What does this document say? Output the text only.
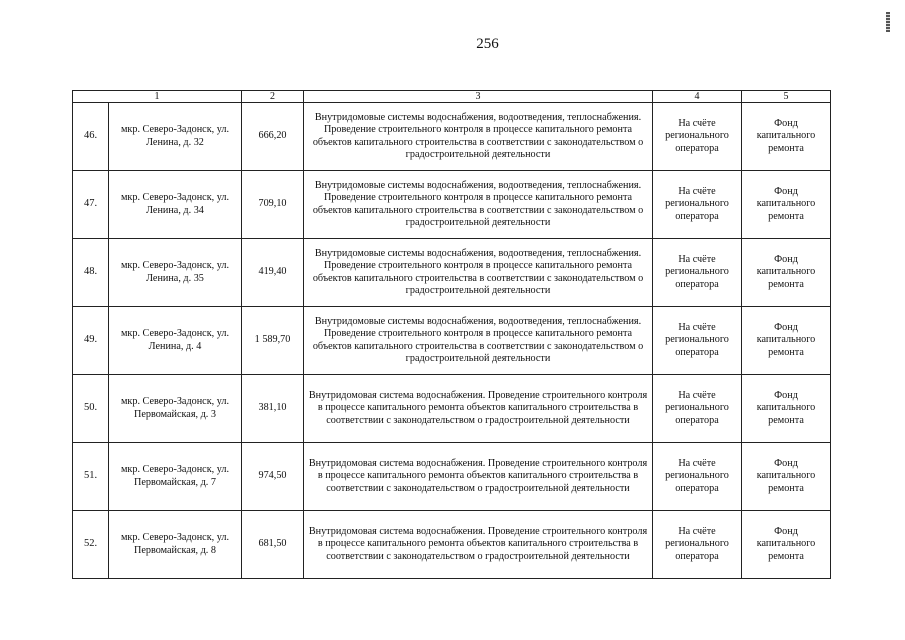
256
1		2	3	4	5
46.	мкр. Северо-Задонск, ул. Ленина, д. 32	666,20	Внутридомовые системы водоснабжения, водоотведения, теплоснабжения. Проведение строительного контроля в процессе капитального ремонта объектов капитального строительства в соответствии с законодательством о градостроительной деятельности	На счёте регионального оператора	Фонд капитального ремонта
47.	мкр. Северо-Задонск, ул. Ленина, д. 34	709,10	Внутридомовые системы водоснабжения, водоотведения, теплоснабжения. Проведение строительного контроля в процессе капитального ремонта объектов капитального строительства в соответствии с законодательством о градостроительной деятельности	На счёте регионального оператора	Фонд капитального ремонта
48.	мкр. Северо-Задонск, ул. Ленина, д. 35	419,40	Внутридомовые системы водоснабжения, водоотведения, теплоснабжения. Проведение строительного контроля в процессе капитального ремонта объектов капитального строительства в соответствии с законодательством о градостроительной деятельности	На счёте регионального оператора	Фонд капитального ремонта
49.	мкр. Северо-Задонск, ул. Ленина, д. 4	1 589,70	Внутридомовые системы водоснабжения, водоотведения, теплоснабжения. Проведение строительного контроля в процессе капитального ремонта объектов капитального строительства в соответствии с законодательством о градостроительной деятельности	На счёте регионального оператора	Фонд капитального ремонта
50.	мкр. Северо-Задонск, ул. Первомайская, д. 3	381,10	Внутридомовая система водоснабжения. Проведение строительного контроля в процессе капитального ремонта объектов капитального строительства в соответствии с законодательством о градостроительной деятельности	На счёте регионального оператора	Фонд капитального ремонта
51.	мкр. Северо-Задонск, ул. Первомайская, д. 7	974,50	Внутридомовая система водоснабжения. Проведение строительного контроля в процессе капитального ремонта объектов капитального строительства в соответствии с законодательством о градостроительной деятельности	На счёте регионального оператора	Фонд капитального ремонта
52.	мкр. Северо-Задонск, ул. Первомайская, д. 8	681,50	Внутридомовая система водоснабжения. Проведение строительного контроля в процессе капитального ремонта объектов капитального строительства в соответствии с законодательством о градостроительной деятельности	На счёте регионального оператора	Фонд капитального ремонта
